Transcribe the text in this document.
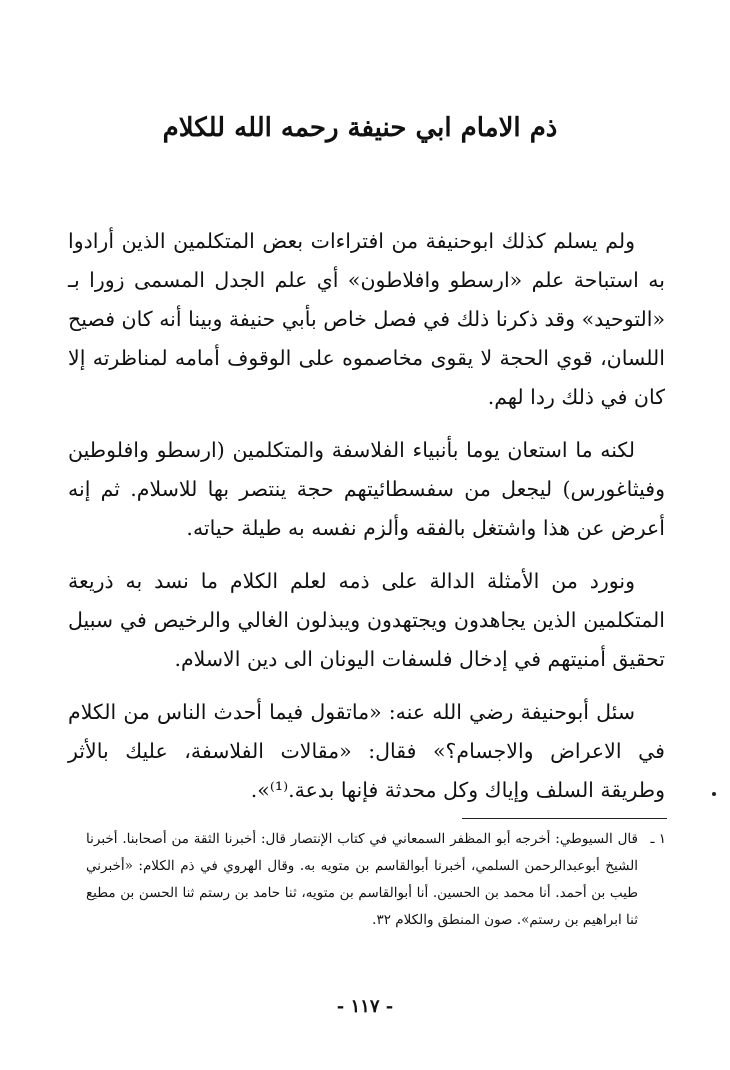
ذم الامام ابي حنيفة رحمه الله للكلام

ولم يسلم كذلك ابوحنيفة من افتراءات بعض المتكلمين الذين أرادوا به استباحة علم «ارسطو وافلاطون» أي علم الجدل المسمى زورا بـ «التوحيد» وقد ذكرنا ذلك في فصل خاص بأبي حنيفة وبينا أنه كان فصيح اللسان، قوي الحجة لا يقوى مخاصموه على الوقوف أمامه لمناظرته إلا كان في ذلك ردا لهم.

لكنه ما استعان يوما بأنبياء الفلاسفة والمتكلمين (ارسطو وافلوطين وفيثاغورس) ليجعل من سفسطائيتهم حجة ينتصر بها للاسلام. ثم إنه أعرض عن هذا واشتغل بالفقه وألزم نفسه به طيلة حياته.

ونورد من الأمثلة الدالة على ذمه لعلم الكلام ما نسد به ذريعة المتكلمين الذين يجاهدون ويجتهدون ويبذلون الغالي والرخيص في سبيل تحقيق أمنيتهم في إدخال فلسفات اليونان الى دين الاسلام.

سئل أبوحنيفة رضي الله عنه: «ماتقول فيما أحدث الناس من الكلام في الاعراض والاجسام؟» فقال: «مقالات الفلاسفة، عليك بالأثر وطريقة السلف وإياك وكل محدثة فإنها بدعة.⁽¹⁾».

١ ـ
قال السيوطي: أخرجه أبو المظفر السمعاني في كتاب الإنتصار قال: أخبرنا الثقة من أصحابنا. أخبرنا الشيخ أبوعبدالرحمن السلمي، أخبرنا أبوالقاسم بن متويه به. وقال الهروي في ذم الكلام: «أخبرني طيب بن أحمد. أنا محمد بن الحسين. أنا أبوالقاسم بن متويه، ثنا حامد بن رستم ثنا الحسن بن مطيع ثنا ابراهيم بن رستم». صون المنطق والكلام ٣٢.
- ١١٧ -
